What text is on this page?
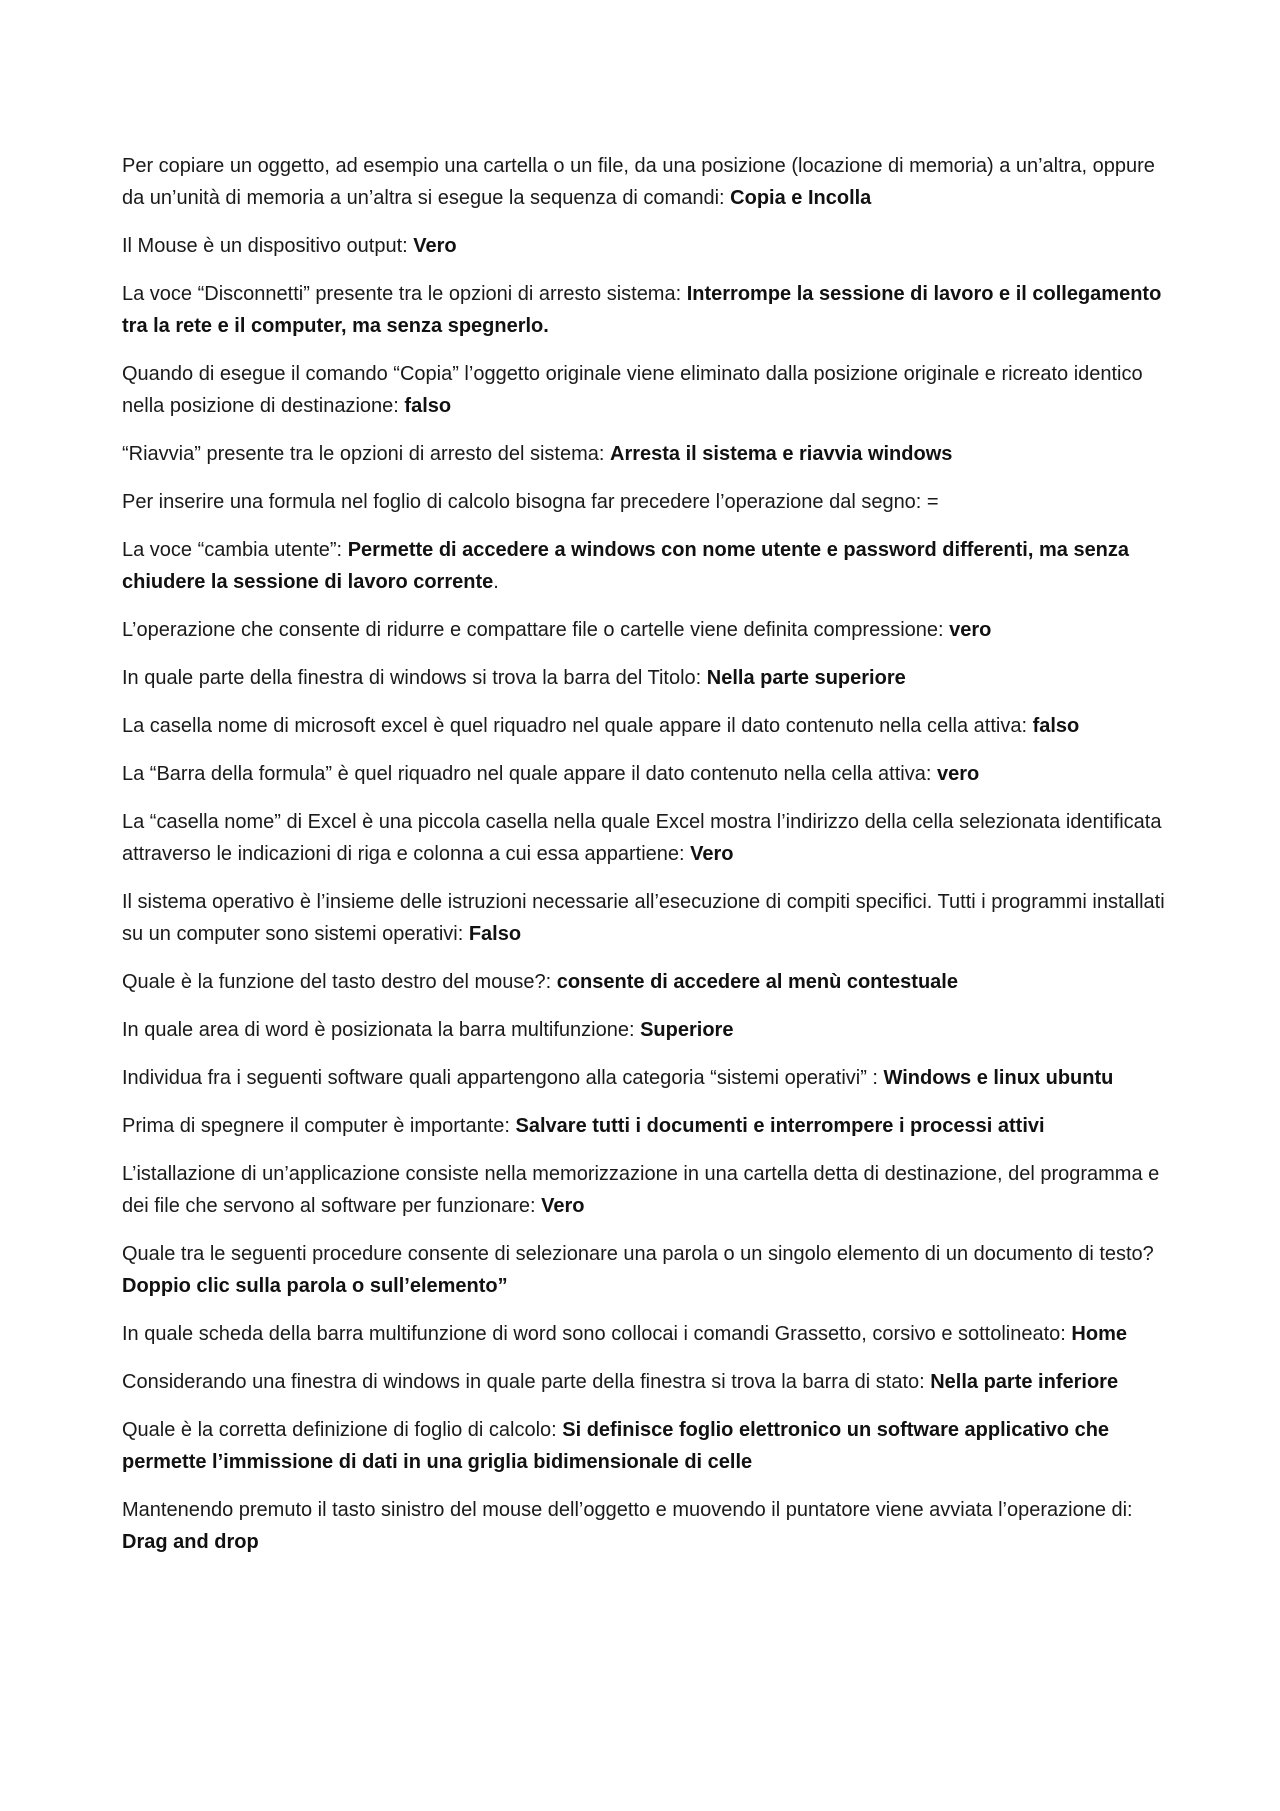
Per copiare un oggetto, ad esempio una cartella o un file, da una posizione (locazione di memoria) a un’altra, oppure da un’unità di memoria a un’altra si esegue la sequenza di comandi: Copia e Incolla

Il Mouse è un dispositivo output: Vero

La voce “Disconnetti” presente tra le opzioni di arresto sistema: Interrompe la sessione di lavoro e il collegamento tra la rete e il computer, ma senza spegnerlo.

Quando di esegue il comando “Copia” l’oggetto originale viene eliminato dalla posizione originale e ricreato identico nella posizione di destinazione: falso

“Riavvia” presente tra le opzioni di arresto del sistema: Arresta il sistema e riavvia windows

Per inserire una formula nel foglio di calcolo bisogna far precedere l’operazione dal segno: =

La voce “cambia utente”: Permette di accedere a windows con nome utente e password differenti, ma senza chiudere la sessione di lavoro corrente.

L’operazione che consente di ridurre e compattare file o cartelle viene definita compressione: vero

In quale parte della finestra di windows si trova la barra del Titolo: Nella parte superiore

La casella nome di microsoft excel è quel riquadro nel quale appare il dato contenuto nella cella attiva: falso

La “Barra della formula” è quel riquadro nel quale appare il dato contenuto nella cella attiva: vero

La “casella nome” di Excel è una piccola casella nella quale Excel mostra l’indirizzo della cella selezionata identificata attraverso le indicazioni di riga e colonna a cui essa appartiene: Vero

Il sistema operativo è l’insieme delle istruzioni necessarie all’esecuzione di compiti specifici. Tutti i programmi installati su un computer sono sistemi operativi: Falso

Quale è la funzione del tasto destro del mouse?: consente di accedere al menù contestuale

In quale area di word è posizionata la barra multifunzione: Superiore

Individua fra i seguenti software quali appartengono alla categoria “sistemi operativi” : Windows e linux ubuntu

Prima di spegnere il computer è importante: Salvare tutti i documenti e interrompere i processi attivi

L’istallazione di un’applicazione consiste nella memorizzazione in una cartella detta di destinazione, del programma e dei file che servono al software per funzionare: Vero

Quale tra le seguenti procedure consente di selezionare una parola o un singolo elemento di un documento di testo? Doppio clic sulla parola o sull’elemento”

In quale scheda della barra multifunzione di word sono collocai i comandi Grassetto, corsivo e sottolineato: Home

Considerando una finestra di windows in quale parte della finestra si trova la barra di stato: Nella parte inferiore

Quale è la corretta definizione di foglio di calcolo: Si definisce foglio elettronico un software applicativo che permette l’immissione di dati in una griglia bidimensionale di celle

Mantenendo premuto il tasto sinistro del mouse dell’oggetto e muovendo il puntatore viene avviata l’operazione di: Drag and drop
